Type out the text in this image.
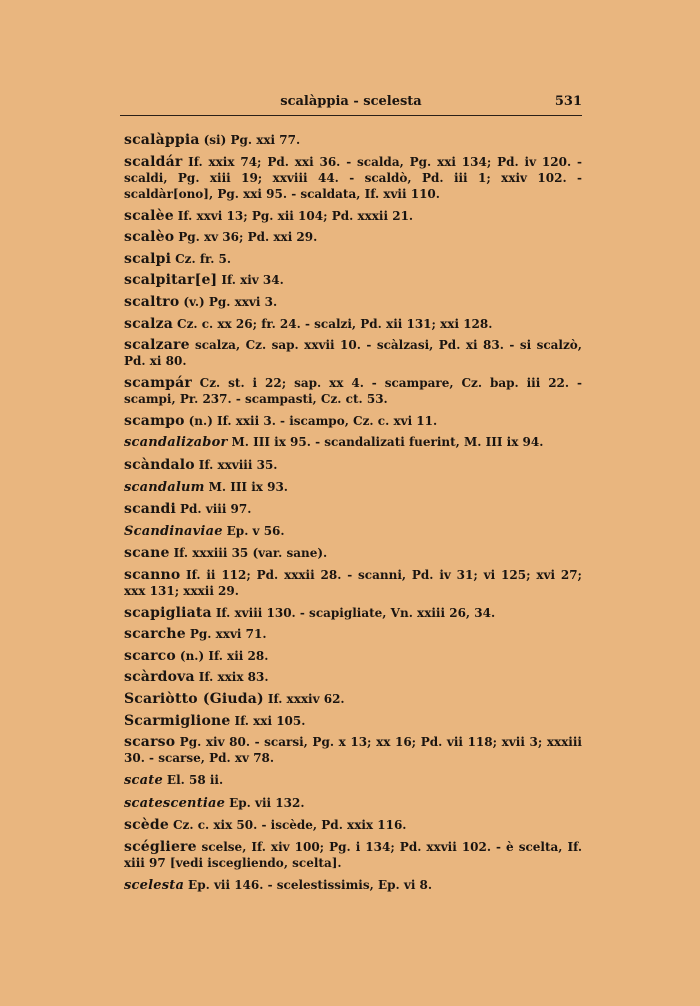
scalàppia - scelesta	531
scalàppia (si) Pg. xxi 77.
scaldár If. xxix 74; Pd. xxi 36. - scalda, Pg. xxi 134; Pd. iv 120. - scaldi, Pg. xiii 19; xxviii 44. - scaldò, Pd. iii 1; xxiv 102. - scaldàr[ono], Pg. xxi 95. - scaldata, If. xvii 110.
scalèe If. xxvi 13; Pg. xii 104; Pd. xxxii 21.
scalèo Pg. xv 36; Pd. xxi 29.
scalpi Cz. fr. 5.
scalpitar[e] If. xiv 34.
scaltro (v.) Pg. xxvi 3.
scalza Cz. c. xx 26; fr. 24. - scalzi, Pd. xii 131; xxi 128.
scalzare scalza, Cz. sap. xxvii 10. - scàlzasi, Pd. xi 83. - si scalzò, Pd. xi 80.
scampár Cz. st. i 22; sap. xx 4. - scampare, Cz. bap. iii 22. - scampi, Pr. 237. - scampasti, Cz. ct. 53.
scampo (n.) If. xxii 3. - iscampo, Cz. c. xvi 11.
scandalizabor M. III ix 95. - scandalizati fuerint, M. III ix 94.
scàndalo If. xxviii 35.
scandalum M. III ix 93.
scandi Pd. viii 97.
Scandinaviae Ep. v 56.
scane If. xxxiii 35 (var. sane).
scanno If. ii 112; Pd. xxxii 28. - scanni, Pd. iv 31; vi 125; xvi 27; xxx 131; xxxii 29.
scapigliata If. xviii 130. - scapigliate, Vn. xxiii 26, 34.
scarche Pg. xxvi 71.
scarco (n.) If. xii 28.
scàrdova If. xxix 83.
Scariòtto (Giuda) If. xxxiv 62.
Scarmiglione If. xxi 105.
scarso Pg. xiv 80. - scarsi, Pg. x 13; xx 16; Pd. vii 118; xvii 3; xxxiii 30. - scarse, Pd. xv 78.
scate El. 58 ii.
scatescentiae Ep. vii 132.
scède Cz. c. xix 50. - iscède, Pd. xxix 116.
scégliere scelse, If. xiv 100; Pg. i 134; Pd. xxvii 102. - è scelta, If. xiii 97 [vedi iscegliendo, scelta].
scelesta Ep. vii 146. - scelestissimis, Ep. vi 8.
